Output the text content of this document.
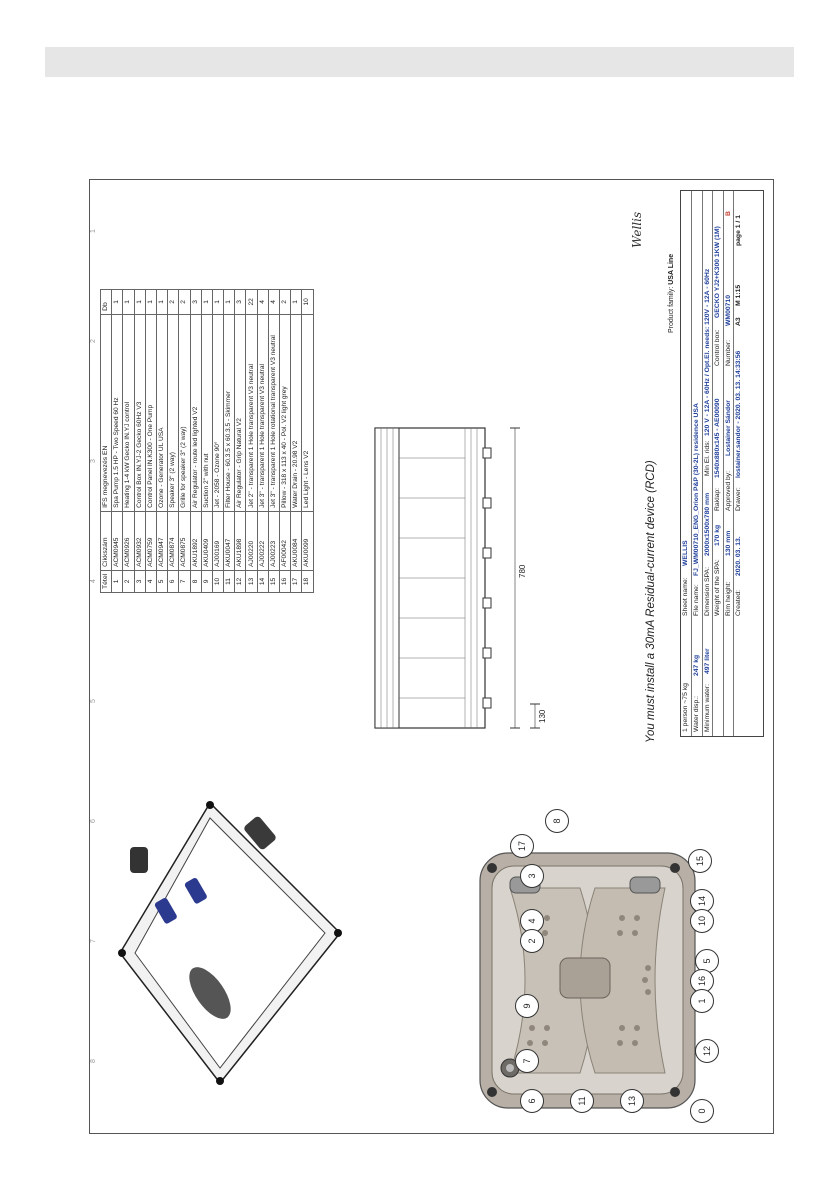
8
7
6
5
4
3
2
1
Tétel	Cikkszám	IFS megnevezés EN	Db
1	ACM0945	Spa Pump 1.5 HP - Two Speed 60 Hz	1
2	ACM0926	Heating 1-4 kW Gecko IN.YJ control	1
3	ACM0932	Control Box IN.YJ-2 Gecko 60Hz V3	1
4	ACM0759	Control Panel IN.K300 - One Pump	1
5	ACM0947	Ozone - Generator UL USA	1
6	ACM0874	Speaker 3" (2 way)	2
7	ACM0875	Grille for speaker 3" (2 way)	2
8	AKU1892	Air Regulator - route led lighted V2	3
9	AKU0409	Suction 2" with nut	1
10	AJ00169	Jet - 2058 - Ozone 90°	1
11	AKU0047	Filter House - 60.3.5 x 60.3.5 - Skimmer	1
12	AKU1898	Air Regulator - Grip Natural V2	3
13	AJ00220	Jet 2" - transparent 1 Hole transparent V3 neutral	22
14	AJ00222	Jet 3" - transparent 1 Hole transparent V3 neutral	4
15	AJ00223	Jet 3" - transparent 1 Hole rotational transparent V3 neutral	4
16	AF00042	Pillow - 318 x 113 x 40 - Pol. V2 light grey	2
17	AKU0084	Water Drain - 20.98 V2	1
18	AKU0099	Led Light - Lens V2	10
8
17
3
4
2
9
7
6	11	13
0
12
15
14
10
5
16
1
780
130
Wellis
You must install a 30mA Residual-current device (RCD)
Product family: USA Line
1 person ~75 kg
Sheet name:
WELLIS
Water disp.:
247 kg
File name:
FJ_WM00710_ENG_Orion P&P (30-2L) residence USA
Minimum water:
497 liter
Dimension SPA:
2000x1500x780 mm
Min El. rids:
120 V - 12A - 60Hz / Opt.El. needs: 120V - 12A - 60Hz
Weight of the SPA:
170 kg
Raklap:
1540x880x145 - AE00090
Control box:
GECKO YJ2+K300 1KW (1M)
Rim height:
130 mm
Approved by:
Lostainer Sándor
Number:
WM00710
B
Created:
2020. 03. 13.
Drawer:
lostainer.sandor - 2020. 03. 13. 14:33:56
A3
M 1:15
page 1 / 1
